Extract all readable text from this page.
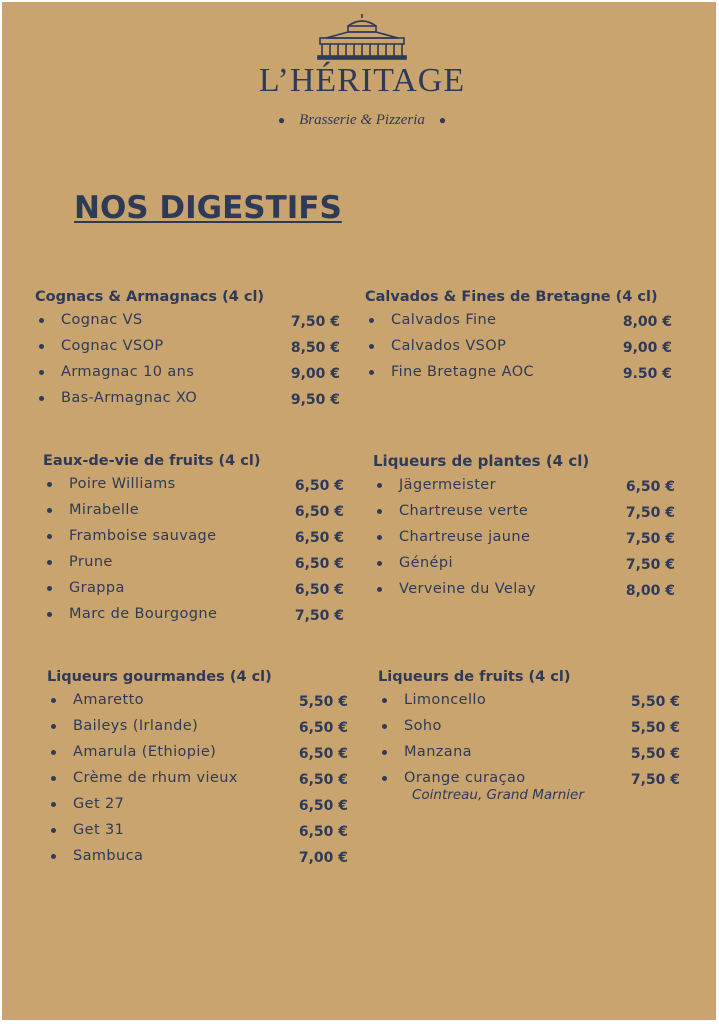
L’HÉRITAGE
● Brasserie & Pizzeria ●
NOS DIGESTIFS
Cognacs & Armagnacs (4 cl)
Cognac VS	7,50 €
Cognac VSOP	8,50 €
Armagnac 10 ans	9,00 €
Bas-Armagnac XO	9,50 €
Calvados & Fines de Bretagne (4 cl)
Calvados Fine	8,00 €
Calvados VSOP	9,00 €
Fine Bretagne AOC	9.50 €
Eaux-de-vie de fruits (4 cl)
Poire Williams	6,50 €
Mirabelle	6,50 €
Framboise sauvage	6,50 €
Prune	6,50 €
Grappa	6,50 €
Marc de Bourgogne	7,50 €
Liqueurs de plantes (4 cl)
Jägermeister	6,50 €
Chartreuse verte	7,50 €
Chartreuse jaune	7,50 €
Génépi	7,50 €
Verveine du Velay	8,00 €
Liqueurs gourmandes (4 cl)
Amaretto	5,50 €
Baileys (Irlande)	6,50 €
Amarula (Ethiopie)	6,50 €
Crème de rhum vieux	6,50 €
Get 27	6,50 €
Get 31	6,50 €
Sambuca	7,00 €
Liqueurs de fruits (4 cl)
Limoncello	5,50 €
Soho	5,50 €
Manzana	5,50 €
Orange curaçao	7,50 €
Cointreau, Grand Marnier
